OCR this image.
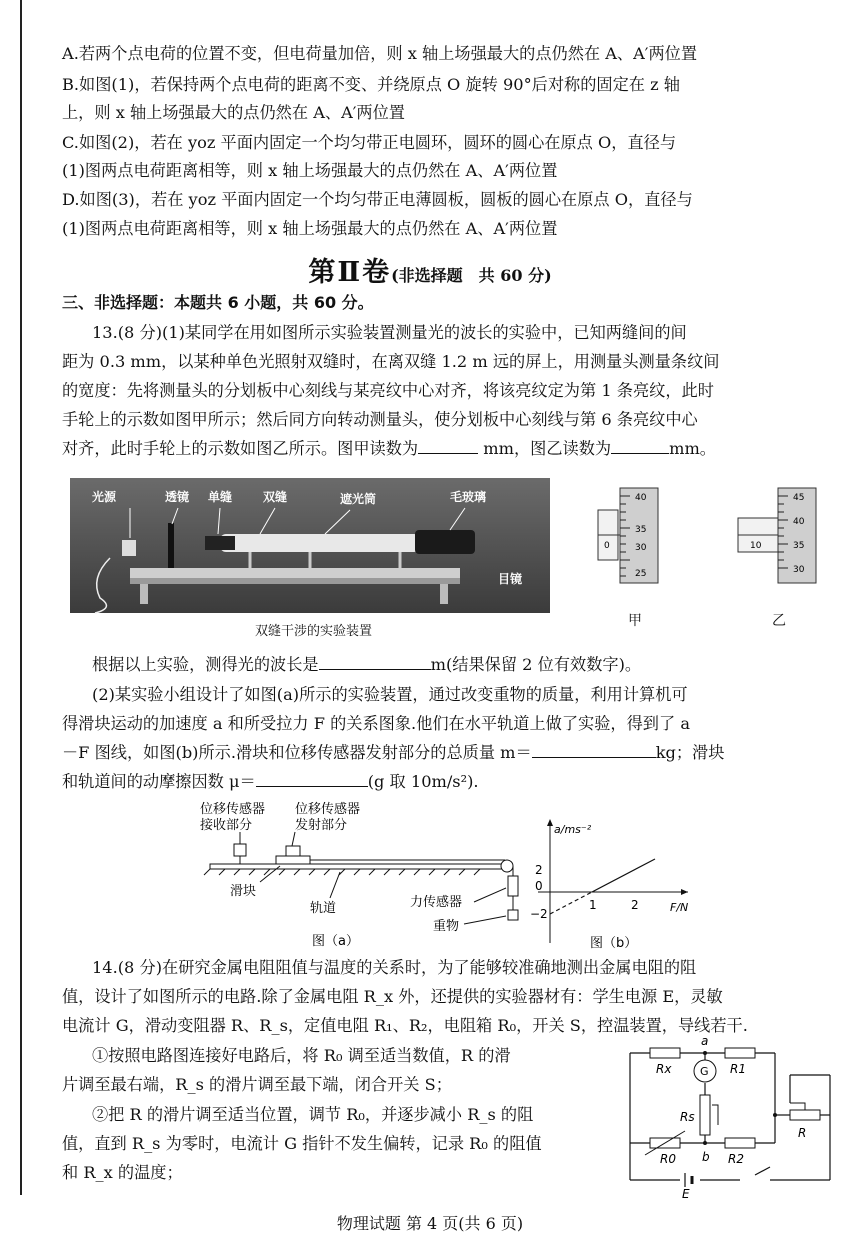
A.若两个点电荷的位置不变，但电荷量加倍，则 x 轴上场强最大的点仍然在 A、A′两位置
B.如图(1)，若保持两个点电荷的距离不变、并绕原点 O 旋转 90°后对称的固定在 z 轴
上，则 x 轴上场强最大的点仍然在 A、A′两位置
C.如图(2)，若在 yoz 平面内固定一个均匀带正电圆环，圆环的圆心在原点 O，直径与
(1)图两点电荷距离相等，则 x 轴上场强最大的点仍然在 A、A′两位置
D.如图(3)，若在 yoz 平面内固定一个均匀带正电薄圆板，圆板的圆心在原点 O，直径与
(1)图两点电荷距离相等，则 x 轴上场强最大的点仍然在 A、A′两位置
第Ⅱ卷(非选择题　共 60 分)
三、非选择题：本题共 6 小题，共 60 分。
13.(8 分)(1)某同学在用如图所示实验装置测量光的波长的实验中，已知两缝间的间
距为 0.3 mm，以某种单色光照射双缝时，在离双缝 1.2 m 远的屏上，用测量头测量条纹间
的宽度：先将测量头的分划板中心刻线与某亮纹中心对齐，将该亮纹定为第 1 条亮纹，此时
手轮上的示数如图甲所示；然后同方向转动测量头，使分划板中心刻线与第 6 条亮纹中心
对齐，此时手轮上的示数如图乙所示。图甲读数为	mm，图乙读数为	mm。
光源	透镜 单缝	双缝	遮光筒	毛玻璃
目镜
双缝干涉的实验装置
40
35
30
25
0
甲
45
40
35
30
10
乙
根据以上实验，测得光的波长是	m(结果保留 2 位有效数字)。
(2)某实验小组设计了如图(a)所示的实验装置，通过改变重物的质量，利用计算机可
得滑块运动的加速度 a 和所受拉力 F 的关系图象.他们在水平轨道上做了实验，得到了 a
－F 图线，如图(b)所示.滑块和位移传感器发射部分的总质量 m＝	kg；滑块
和轨道间的动摩擦因数 μ＝	(g 取 10m/s²).
位移传感器
接收部分
位移传感器
发射部分
滑块
轨道	力传感器
重物
图（a）
a/ms⁻²
F/N
2
0
−2
1	2
图（b）
14.(8 分)在研究金属电阻阻值与温度的关系时，为了能够较准确地测出金属电阻的阻
值，设计了如图所示的电路.除了金属电阻 R_x 外，还提供的实验器材有：学生电源 E，灵敏
电流计 G，滑动变阻器 R、R_s，定值电阻 R₁、R₂，电阻箱 R₀，开关 S，控温装置，导线若干.
①按照电路图连接好电路后，将 R₀ 调至适当数值，R 的滑
片调至最右端，R_s 的滑片调至最下端，闭合开关 S；
②把 R 的滑片调至适当位置，调节 R₀，并逐步减小 R_s 的阻
值，直到 R_s 为零时，电流计 G 指针不发生偏转，记录 R₀ 的阻值
和 R_x 的温度；
a
Rx	G R1
Rs
R
R0 b R2
E
物理试题 第 4 页(共 6 页)
